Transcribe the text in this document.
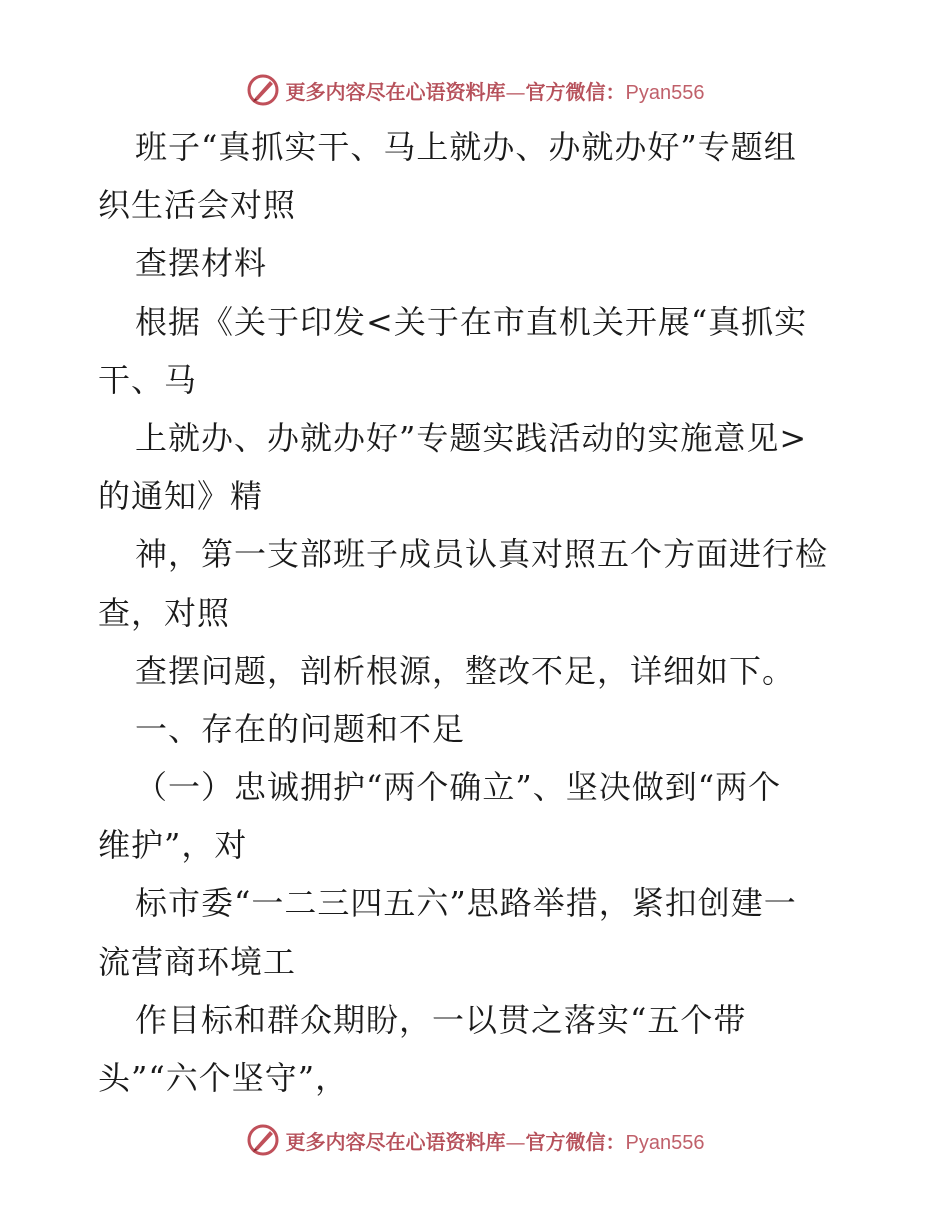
更多内容尽在心语资料库—官方微信：Pyan556
班子“真抓实干、马上就办、办就办好”专题组
织生活会对照
查摆材料
根据《关于印发<关于在市直机关开展“真抓实
干、马
上就办、办就办好”专题实践活动的实施意见>
的通知》精
神，第一支部班子成员认真对照五个方面进行检
查，对照
查摆问题，剖析根源，整改不足，详细如下。
一、存在的问题和不足
（一）忠诚拥护“两个确立”、坚决做到“两个
维护”，对
标市委“一二三四五六”思路举措，紧扣创建一
流营商环境工
作目标和群众期盼，一以贯之落实“五个带
头”“六个坚守”，
更多内容尽在心语资料库—官方微信：Pyan556
